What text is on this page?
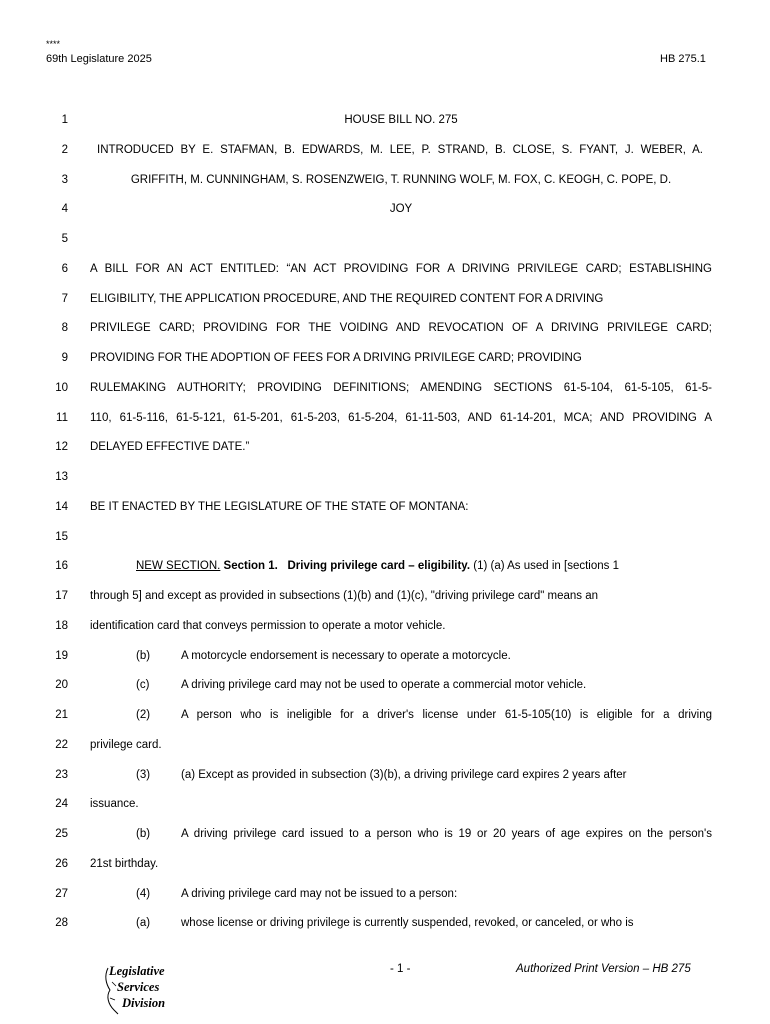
****
69th Legislature 2025	HB 275.1
1	HOUSE BILL NO. 275
2	INTRODUCED BY E. STAFMAN, B. EDWARDS, M. LEE, P. STRAND, B. CLOSE, S. FYANT, J. WEBER, A.
3	GRIFFITH, M. CUNNINGHAM, S. ROSENZWEIG, T. RUNNING WOLF, M. FOX, C. KEOGH, C. POPE, D.
4	JOY
5
6 A BILL FOR AN ACT ENTITLED: “AN ACT PROVIDING FOR A DRIVING PRIVILEGE CARD; ESTABLISHING
7 ELIGIBILITY, THE APPLICATION PROCEDURE, AND THE REQUIRED CONTENT FOR A DRIVING
8 PRIVILEGE CARD; PROVIDING FOR THE VOIDING AND REVOCATION OF A DRIVING PRIVILEGE CARD;
9 PROVIDING FOR THE ADOPTION OF FEES FOR A DRIVING PRIVILEGE CARD; PROVIDING
10 RULEMAKING AUTHORITY; PROVIDING DEFINITIONS; AMENDING SECTIONS 61-5-104, 61-5-105, 61-5-
11 110, 61-5-116, 61-5-121, 61-5-201, 61-5-203, 61-5-204, 61-11-503, AND 61-14-201, MCA; AND PROVIDING A
12 DELAYED EFFECTIVE DATE.”
13
14 BE IT ENACTED BY THE LEGISLATURE OF THE STATE OF MONTANA:
15
16	NEW SECTION. Section 1. Driving privilege card – eligibility. (1) (a) As used in [sections 1
17 through 5] and except as provided in subsections (1)(b) and (1)(c), "driving privilege card" means an
18 identification card that conveys permission to operate a motor vehicle.
19	(b)	A motorcycle endorsement is necessary to operate a motorcycle.
20	(c)	A driving privilege card may not be used to operate a commercial motor vehicle.
21	(2)	A person who is ineligible for a driver's license under 61-5-105(10) is eligible for a driving
22 privilege card.
23	(3)	(a) Except as provided in subsection (3)(b), a driving privilege card expires 2 years after
24 issuance.
25	(b)	A driving privilege card issued to a person who is 19 or 20 years of age expires on the person's
26 21st birthday.
27	(4)	A driving privilege card may not be issued to a person:
28	(a)	whose license or driving privilege is currently suspended, revoked, or canceled, or who is
Legislative
Services
Division
- 1 -	Authorized Print Version – HB 275
